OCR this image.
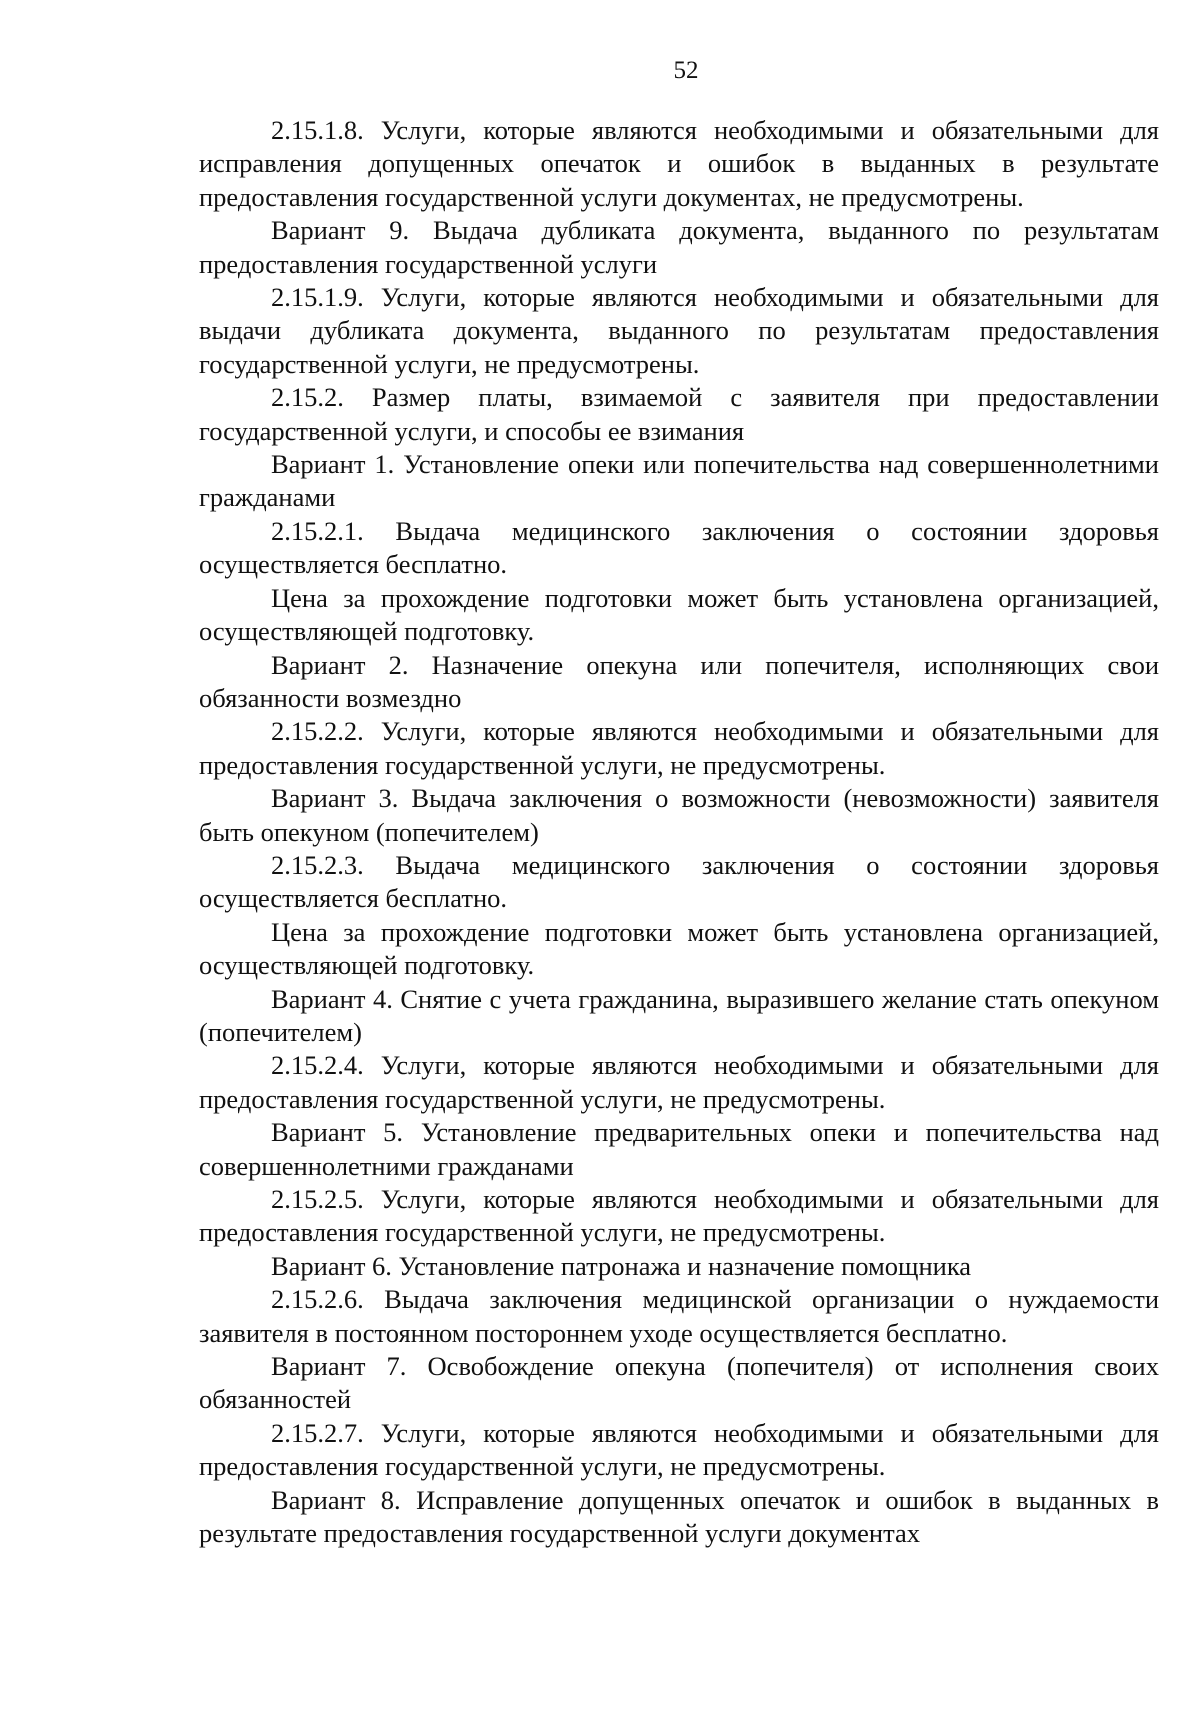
52

2.15.1.8. Услуги, которые являются необходимыми и обязательными для исправления допущенных опечаток и ошибок в выданных в результате предоставления государственной услуги документах, не предусмотрены.

Вариант 9. Выдача дубликата документа, выданного по результатам предоставления государственной услуги

2.15.1.9. Услуги, которые являются необходимыми и обязательными для выдачи дубликата документа, выданного по результатам предоставления государственной услуги, не предусмотрены.

2.15.2. Размер платы, взимаемой с заявителя при предоставлении государственной услуги, и способы ее взимания

Вариант 1. Установление опеки или попечительства над совершеннолетними гражданами

2.15.2.1. Выдача медицинского заключения о состоянии здоровья осуществляется бесплатно.

Цена за прохождение подготовки может быть установлена организацией, осуществляющей подготовку.

Вариант 2. Назначение опекуна или попечителя, исполняющих свои обязанности возмездно

2.15.2.2. Услуги, которые являются необходимыми и обязательными для предоставления государственной услуги, не предусмотрены.

Вариант 3. Выдача заключения о возможности (невозможности) заявителя быть опекуном (попечителем)

2.15.2.3. Выдача медицинского заключения о состоянии здоровья осуществляется бесплатно.

Цена за прохождение подготовки может быть установлена организацией, осуществляющей подготовку.

Вариант 4. Снятие с учета гражданина, выразившего желание стать опекуном (попечителем)

2.15.2.4. Услуги, которые являются необходимыми и обязательными для предоставления государственной услуги, не предусмотрены.

Вариант 5. Установление предварительных опеки и попечительства над совершеннолетними гражданами

2.15.2.5. Услуги, которые являются необходимыми и обязательными для предоставления государственной услуги, не предусмотрены.

Вариант 6. Установление патронажа и назначение помощника

2.15.2.6. Выдача заключения медицинской организации о нуждаемости заявителя в постоянном постороннем уходе осуществляется бесплатно.

Вариант 7. Освобождение опекуна (попечителя) от исполнения своих обязанностей

2.15.2.7. Услуги, которые являются необходимыми и обязательными для предоставления государственной услуги, не предусмотрены.

Вариант 8. Исправление допущенных опечаток и ошибок в выданных в результате предоставления государственной услуги документах
